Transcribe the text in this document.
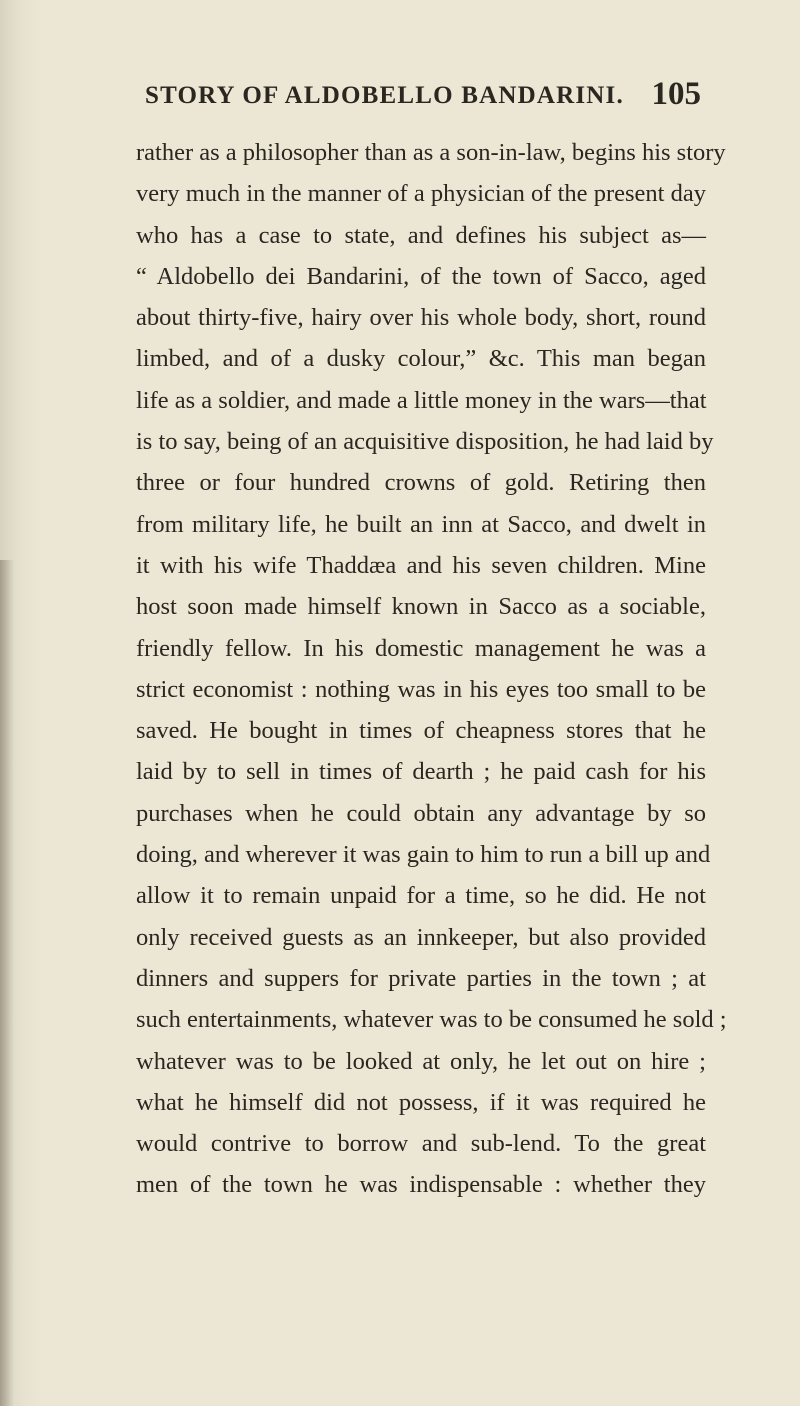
STORY OF ALDOBELLO BANDARINI. 105
rather as a philosopher than as a son-in-law, begins his story
very much in the manner of a physician of the present day
who has a case to state, and defines his subject as—
“ Aldobello dei Bandarini, of the town of Sacco, aged
about thirty-five, hairy over his whole body, short, round
limbed, and of a dusky colour,” &c. This man began
life as a soldier, and made a little money in the wars—that
is to say, being of an acquisitive disposition, he had laid by
three or four hundred crowns of gold. Retiring then
from military life, he built an inn at Sacco, and dwelt in
it with his wife Thaddæa and his seven children. Mine
host soon made himself known in Sacco as a sociable,
friendly fellow. In his domestic management he was a
strict economist : nothing was in his eyes too small to be
saved. He bought in times of cheapness stores that he
laid by to sell in times of dearth ; he paid cash for his
purchases when he could obtain any advantage by so
doing, and wherever it was gain to him to run a bill up and
allow it to remain unpaid for a time, so he did. He not
only received guests as an innkeeper, but also provided
dinners and suppers for private parties in the town ; at
such entertainments, whatever was to be consumed he sold ;
whatever was to be looked at only, he let out on hire ;
what he himself did not possess, if it was required he
would contrive to borrow and sub-lend. To the great
men of the town he was indispensable : whether they
